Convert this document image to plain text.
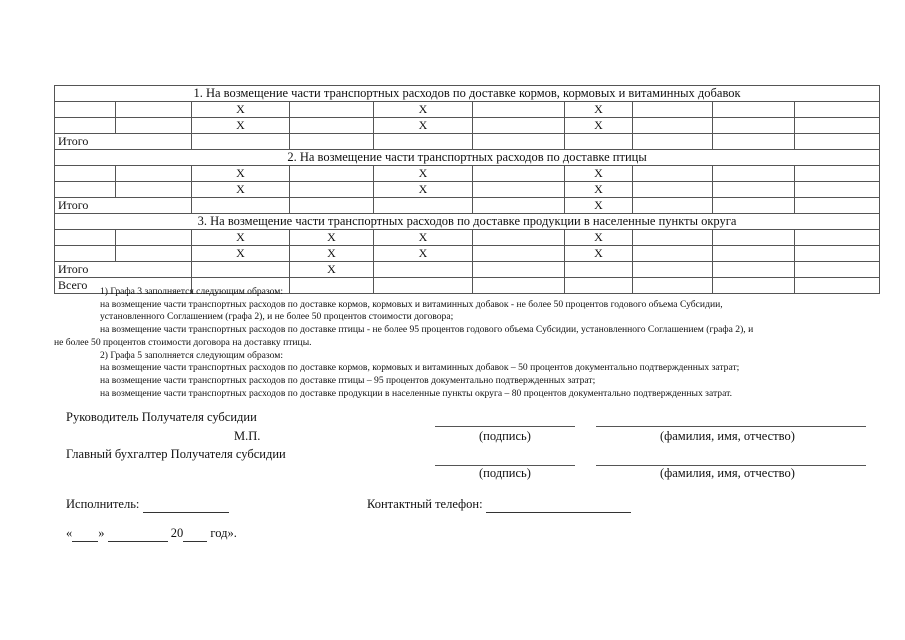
1. На возмещение части транспортных расходов по доставке кормов, кормовых и витаминных добавок									
		X		X		X			
		X		X		X			
Итого									
2. На возмещение части транспортных расходов по доставке птицы									
		X		X		X			
		X		X		X			
Итого						X			
3. На возмещение части транспортных расходов по доставке продукции в населенные пункты округа									
		X	X	X		X			
		X	X	X		X			
Итого			X						
Всего										1) Графа 3 заполняется следующим образом:
на возмещение части транспортных расходов по доставке кормов, кормовых и витаминных добавок - не более 50 процентов годового объема Субсидии,
установленного Соглашением (графа 2), и не более 50 процентов стоимости договора;
на возмещение части транспортных расходов по доставке птицы - не более 95 процентов годового объема Субсидии, установленного Соглашением (графа 2), и
не более 50 процентов стоимости договора на доставку птицы.
2) Графа 5 заполняется следующим образом:
на возмещение части транспортных расходов по доставке кормов, кормовых и витаминных добавок – 50 процентов документально подтвержденных затрат;
на возмещение части транспортных расходов по доставке птицы – 95 процентов документально подтвержденных затрат;
на возмещение части транспортных расходов по доставке продукции в населенные пункты округа – 80 процентов документально подтвержденных затрат.
Руководитель Получателя субсидии
М.П.	(подпись)	(фамилия, имя, отчество)
Главный бухгалтер Получателя субсидии
(подпись)	(фамилия, имя, отчество)
Исполнитель:	Контактный телефон:
« »	20 год».
